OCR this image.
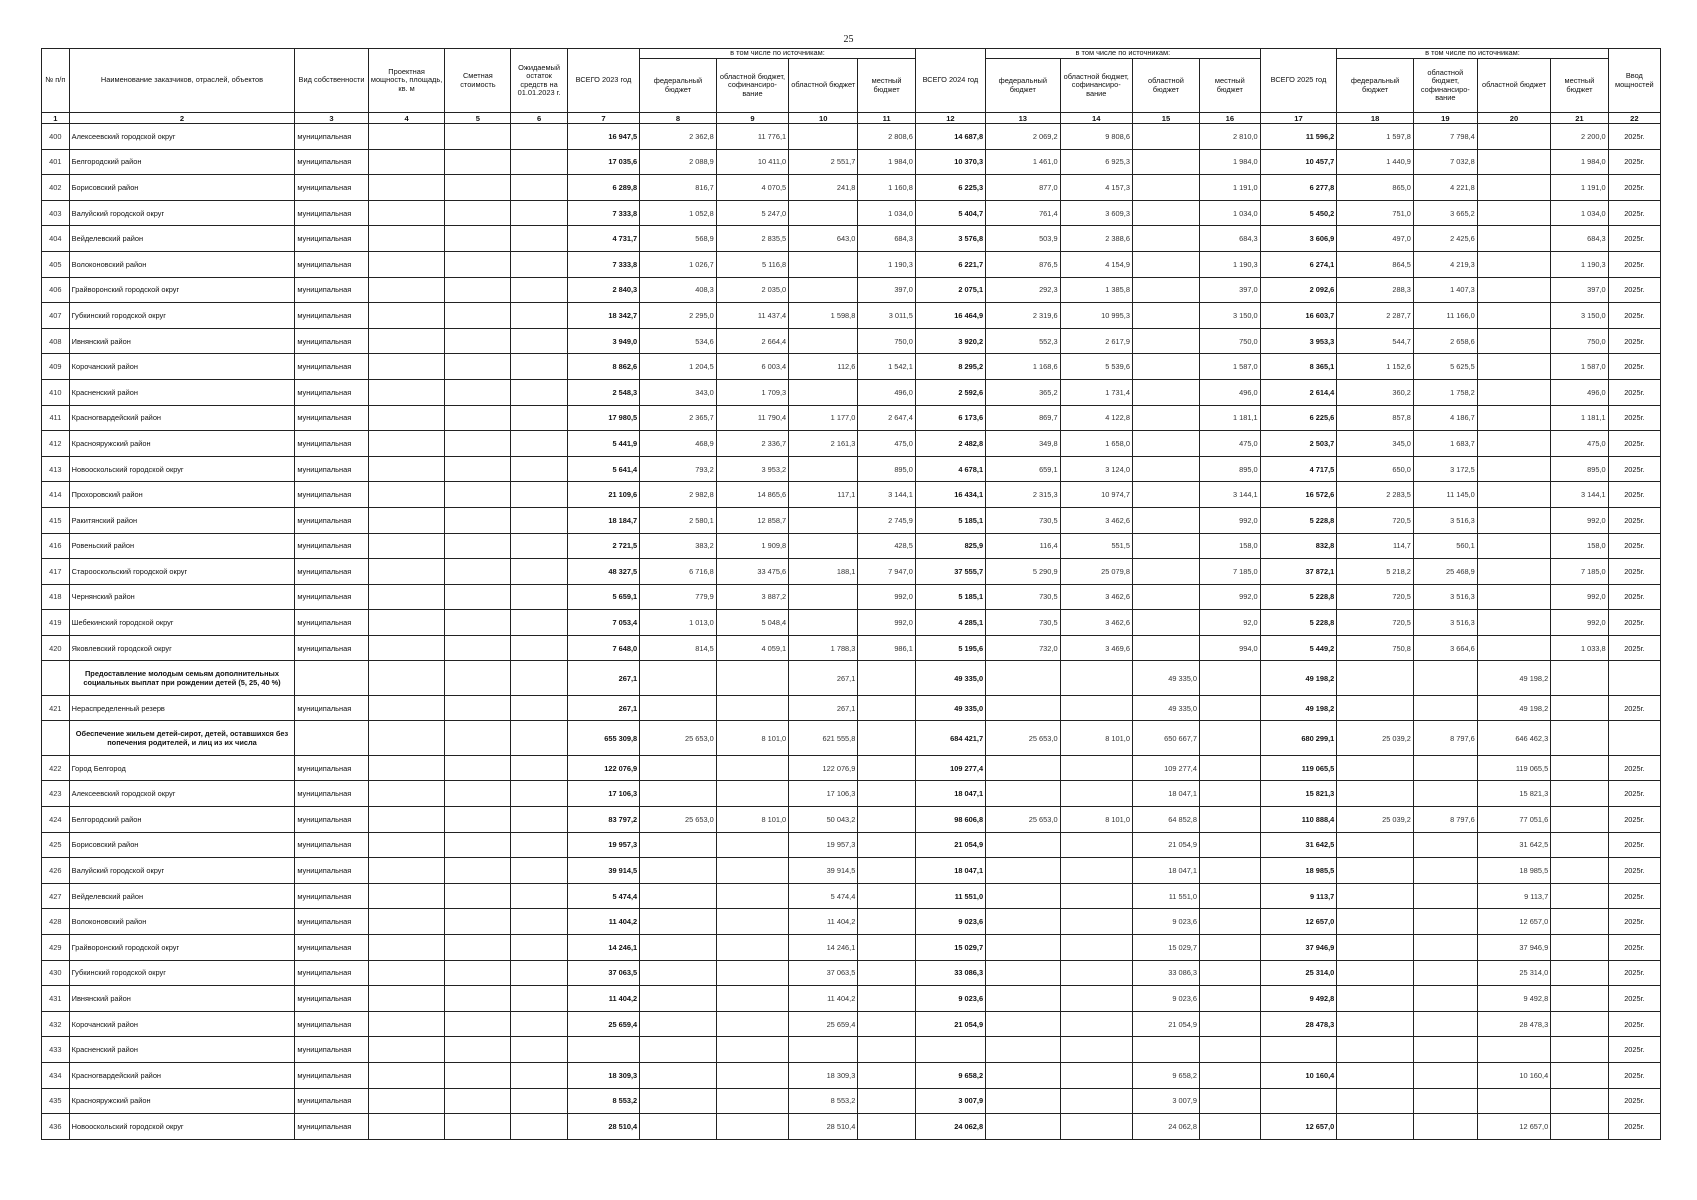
25
№ п/п	Наименование заказчиков, отраслей, объектов	Вид собственности	Проектная мощность, площадь, кв. м	Сметная стоимость	Ожидаемый остаток средств на 01.01.2023 г.	ВСЕГО 2023 год	в том числе по источникам:				ВСЕГО 2024 год	в том числе по источникам:				ВСЕГО 2025 год	в том числе по источникам:				Ввод мощностей
							федеральный бюджет	областной бюджет, софинансиро-вание	областной бюджет	местный бюджет		федеральный бюджет	областной бюджет, софинансиро-вание	областной бюджет	местный бюджет		федеральный бюджет	областной бюджет, софинансиро-вание	областной бюджет	местный бюджет	
1	2	3	4	5	6	7	8	9	10	11	12	13	14	15	16	17	18	19	20	21	22
400	Алексеевский городской округ	муниципальная				16 947,5	2 362,8	11 776,1		2 808,6	14 687,8	2 069,2	9 808,6		2 810,0	11 596,2	1 597,8	7 798,4		2 200,0	2025г.
401	Белгородский район	муниципальная				17 035,6	2 088,9	10 411,0	2 551,7	1 984,0	10 370,3	1 461,0	6 925,3		1 984,0	10 457,7	1 440,9	7 032,8		1 984,0	2025г.
402	Борисовский район	муниципальная				6 289,8	816,7	4 070,5	241,8	1 160,8	6 225,3	877,0	4 157,3		1 191,0	6 277,8	865,0	4 221,8		1 191,0	2025г.
403	Валуйский городской округ	муниципальная				7 333,8	1 052,8	5 247,0		1 034,0	5 404,7	761,4	3 609,3		1 034,0	5 450,2	751,0	3 665,2		1 034,0	2025г.
404	Вейделевский район	муниципальная				4 731,7	568,9	2 835,5	643,0	684,3	3 576,8	503,9	2 388,6		684,3	3 606,9	497,0	2 425,6		684,3	2025г.
405	Волоконовский район	муниципальная				7 333,8	1 026,7	5 116,8		1 190,3	6 221,7	876,5	4 154,9		1 190,3	6 274,1	864,5	4 219,3		1 190,3	2025г.
406	Грайворонский городской округ	муниципальная				2 840,3	408,3	2 035,0		397,0	2 075,1	292,3	1 385,8		397,0	2 092,6	288,3	1 407,3		397,0	2025г.
407	Губкинский городской округ	муниципальная				18 342,7	2 295,0	11 437,4	1 598,8	3 011,5	16 464,9	2 319,6	10 995,3		3 150,0	16 603,7	2 287,7	11 166,0		3 150,0	2025г.
408	Ивнянский район	муниципальная				3 949,0	534,6	2 664,4		750,0	3 920,2	552,3	2 617,9		750,0	3 953,3	544,7	2 658,6		750,0	2025г.
409	Корочанский район	муниципальная				8 862,6	1 204,5	6 003,4	112,6	1 542,1	8 295,2	1 168,6	5 539,6		1 587,0	8 365,1	1 152,6	5 625,5		1 587,0	2025г.
410	Красненский район	муниципальная				2 548,3	343,0	1 709,3		496,0	2 592,6	365,2	1 731,4		496,0	2 614,4	360,2	1 758,2		496,0	2025г.
411	Красногвардейский район	муниципальная				17 980,5	2 365,7	11 790,4	1 177,0	2 647,4	6 173,6	869,7	4 122,8		1 181,1	6 225,6	857,8	4 186,7		1 181,1	2025г.
412	Краснояружский район	муниципальная				5 441,9	468,9	2 336,7	2 161,3	475,0	2 482,8	349,8	1 658,0		475,0	2 503,7	345,0	1 683,7		475,0	2025г.
413	Новооскольский городской округ	муниципальная				5 641,4	793,2	3 953,2		895,0	4 678,1	659,1	3 124,0		895,0	4 717,5	650,0	3 172,5		895,0	2025г.
414	Прохоровский район	муниципальная				21 109,6	2 982,8	14 865,6	117,1	3 144,1	16 434,1	2 315,3	10 974,7		3 144,1	16 572,6	2 283,5	11 145,0		3 144,1	2025г.
415	Ракитянский район	муниципальная				18 184,7	2 580,1	12 858,7		2 745,9	5 185,1	730,5	3 462,6		992,0	5 228,8	720,5	3 516,3		992,0	2025г.
416	Ровеньский район	муниципальная				2 721,5	383,2	1 909,8		428,5	825,9	116,4	551,5		158,0	832,8	114,7	560,1		158,0	2025г.
417	Старооскольский городской округ	муниципальная				48 327,5	6 716,8	33 475,6	188,1	7 947,0	37 555,7	5 290,9	25 079,8		7 185,0	37 872,1	5 218,2	25 468,9		7 185,0	2025г.
418	Чернянский район	муниципальная				5 659,1	779,9	3 887,2		992,0	5 185,1	730,5	3 462,6		992,0	5 228,8	720,5	3 516,3		992,0	2025г.
419	Шебекинский городской округ	муниципальная				7 053,4	1 013,0	5 048,4		992,0	4 285,1	730,5	3 462,6		92,0	5 228,8	720,5	3 516,3		992,0	2025г.
420	Яковлевский городской округ	муниципальная				7 648,0	814,5	4 059,1	1 788,3	986,1	5 195,6	732,0	3 469,6		994,0	5 449,2	750,8	3 664,6		1 033,8	2025г.
	Предоставление молодым семьям дополнительных социальных выплат при рождении детей (5, 25, 40 %)					267,1			267,1		49 335,0			49 335,0		49 198,2			49 198,2		
421	Нераспределенный резерв	муниципальная				267,1			267,1		49 335,0			49 335,0		49 198,2			49 198,2		2025г.
	Обеспечение жильем детей-сирот, детей, оставшихся без попечения родителей, и лиц из их числа					655 309,8	25 653,0	8 101,0	621 555,8		684 421,7	25 653,0	8 101,0	650 667,7		680 299,1	25 039,2	8 797,6	646 462,3		
422	Город Белгород	муниципальная				122 076,9			122 076,9		109 277,4			109 277,4		119 065,5			119 065,5		2025г.
423	Алексеевский городской округ	муниципальная				17 106,3			17 106,3		18 047,1			18 047,1		15 821,3			15 821,3		2025г.
424	Белгородский район	муниципальная				83 797,2	25 653,0	8 101,0	50 043,2		98 606,8	25 653,0	8 101,0	64 852,8		110 888,4	25 039,2	8 797,6	77 051,6		2025г.
425	Борисовский район	муниципальная				19 957,3			19 957,3		21 054,9			21 054,9		31 642,5			31 642,5		2025г.
426	Валуйский городской округ	муниципальная				39 914,5			39 914,5		18 047,1			18 047,1		18 985,5			18 985,5		2025г.
427	Вейделевский район	муниципальная				5 474,4			5 474,4		11 551,0			11 551,0		9 113,7			9 113,7		2025г.
428	Волоконовский район	муниципальная				11 404,2			11 404,2		9 023,6			9 023,6		12 657,0			12 657,0		2025г.
429	Грайворонский городской округ	муниципальная				14 246,1			14 246,1		15 029,7			15 029,7		37 946,9			37 946,9		2025г.
430	Губкинский городской округ	муниципальная				37 063,5			37 063,5		33 086,3			33 086,3		25 314,0			25 314,0		2025г.
431	Ивнянский район	муниципальная				11 404,2			11 404,2		9 023,6			9 023,6		9 492,8			9 492,8		2025г.
432	Корочанский район	муниципальная				25 659,4			25 659,4		21 054,9			21 054,9		28 478,3			28 478,3		2025г.
433	Красненский район	муниципальная																			2025г.
434	Красногвардейский район	муниципальная				18 309,3			18 309,3		9 658,2			9 658,2		10 160,4			10 160,4		2025г.
435	Краснояружский район	муниципальная				8 553,2			8 553,2		3 007,9			3 007,9							2025г.
436	Новооскольский городской округ	муниципальная				28 510,4			28 510,4		24 062,8			24 062,8		12 657,0			12 657,0		2025г.
